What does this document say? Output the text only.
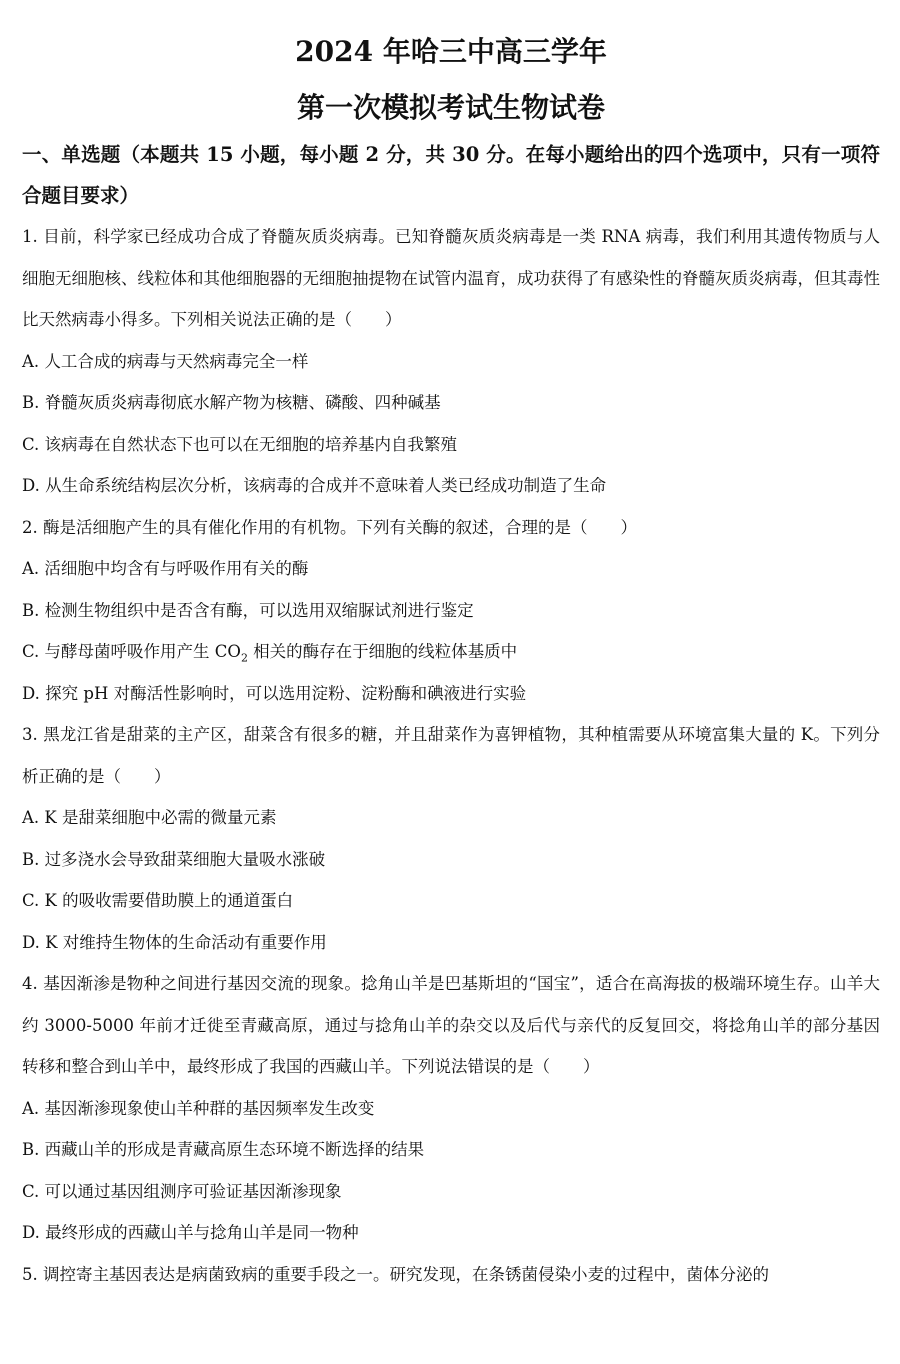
2024 年哈三中高三学年
第一次模拟考试生物试卷
一、单选题（本题共 15 小题，每小题 2 分，共 30 分。在每小题给出的四个选项中，只有一项符合题目要求）
1. 目前，科学家已经成功合成了脊髓灰质炎病毒。已知脊髓灰质炎病毒是一类 RNA 病毒，我们利用其遗传物质与人细胞无细胞核、线粒体和其他细胞器的无细胞抽提物在试管内温育，成功获得了有感染性的脊髓灰质炎病毒，但其毒性比天然病毒小得多。下列相关说法正确的是（　　）
A. 人工合成的病毒与天然病毒完全一样
B. 脊髓灰质炎病毒彻底水解产物为核糖、磷酸、四种碱基
C. 该病毒在自然状态下也可以在无细胞的培养基内自我繁殖
D. 从生命系统结构层次分析，该病毒的合成并不意味着人类已经成功制造了生命
2. 酶是活细胞产生的具有催化作用的有机物。下列有关酶的叙述，合理的是（　　）
A. 活细胞中均含有与呼吸作用有关的酶
B. 检测生物组织中是否含有酶，可以选用双缩脲试剂进行鉴定
C. 与酵母菌呼吸作用产生 $CO_2$ 相关的酶存在于细胞的线粒体基质中
D. 探究 pH 对酶活性影响时，可以选用淀粉、淀粉酶和碘液进行实验
3. 黑龙江省是甜菜的主产区，甜菜含有很多的糖，并且甜菜作为喜钾植物，其种植需要从环境富集大量的 K。下列分析正确的是（　　）
A. K 是甜菜细胞中必需的微量元素
B. 过多浇水会导致甜菜细胞大量吸水涨破
C. K 的吸收需要借助膜上的通道蛋白
D. K 对维持生物体的生命活动有重要作用
4. 基因渐渗是物种之间进行基因交流的现象。捻角山羊是巴基斯坦的“国宝”，适合在高海拔的极端环境生存。山羊大约 3000-5000 年前才迁徙至青藏高原，通过与捻角山羊的杂交以及后代与亲代的反复回交，将捻角山羊的部分基因转移和整合到山羊中，最终形成了我国的西藏山羊。下列说法错误的是（　　）
A. 基因渐渗现象使山羊种群的基因频率发生改变
B. 西藏山羊的形成是青藏高原生态环境不断选择的结果
C. 可以通过基因组测序可验证基因渐渗现象
D. 最终形成的西藏山羊与捻角山羊是同一物种
5. 调控寄主基因表达是病菌致病的重要手段之一。研究发现，在条锈菌侵染小麦的过程中，菌体分泌的
